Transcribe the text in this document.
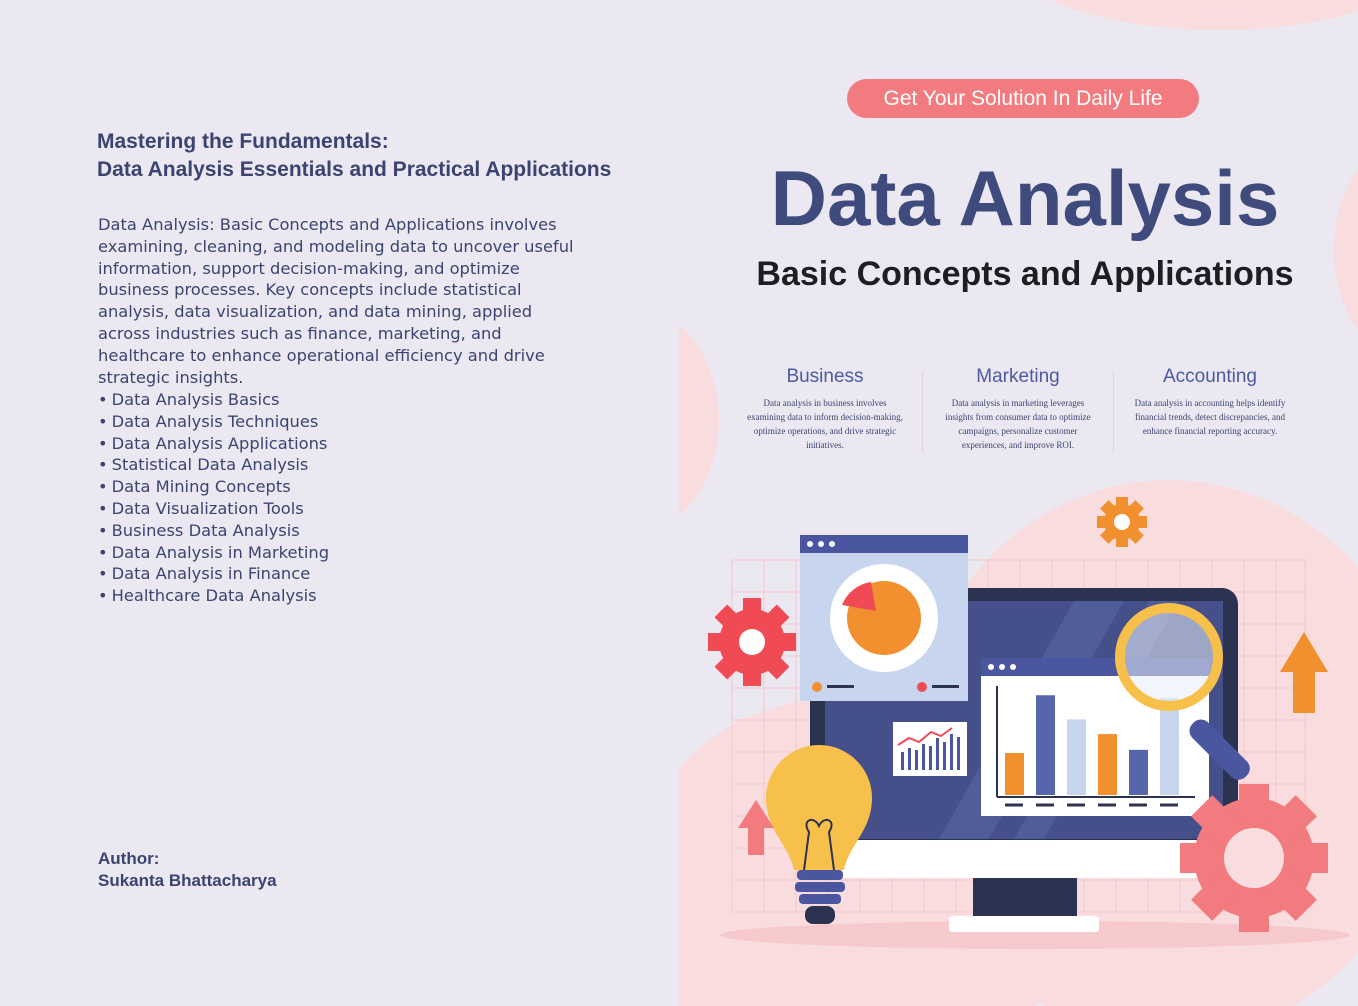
Mastering the Fundamentals:
Data Analysis Essentials and Practical Applications

Data Analysis: Basic Concepts and Applications involves examining, cleaning, and modeling data to uncover useful information, support decision-making, and optimize business processes. Key concepts include statistical analysis, data visualization, and data mining, applied across industries such as finance, marketing, and healthcare to enhance operational efficiency and drive strategic insights.

• Data Analysis Basics
• Data Analysis Techniques
• Data Analysis Applications
• Statistical Data Analysis
• Data Mining Concepts
• Data Visualization Tools
• Business Data Analysis
• Data Analysis in Marketing
• Data Analysis in Finance
• Healthcare Data Analysis
Author:
Sukanta Bhattacharya
Get Your Solution In Daily Life
Data Analysis
Basic Concepts and Applications
Business

Data analysis in business involves examining data to inform decision-making, optimize operations, and drive strategic initiatives.

Marketing

Data analysis in marketing leverages insights from consumer data to optimize campaigns, personalize customer experiences, and improve ROI.

Accounting

Data analysis in accounting helps identify financial trends, detect discrepancies, and enhance financial reporting accuracy.
